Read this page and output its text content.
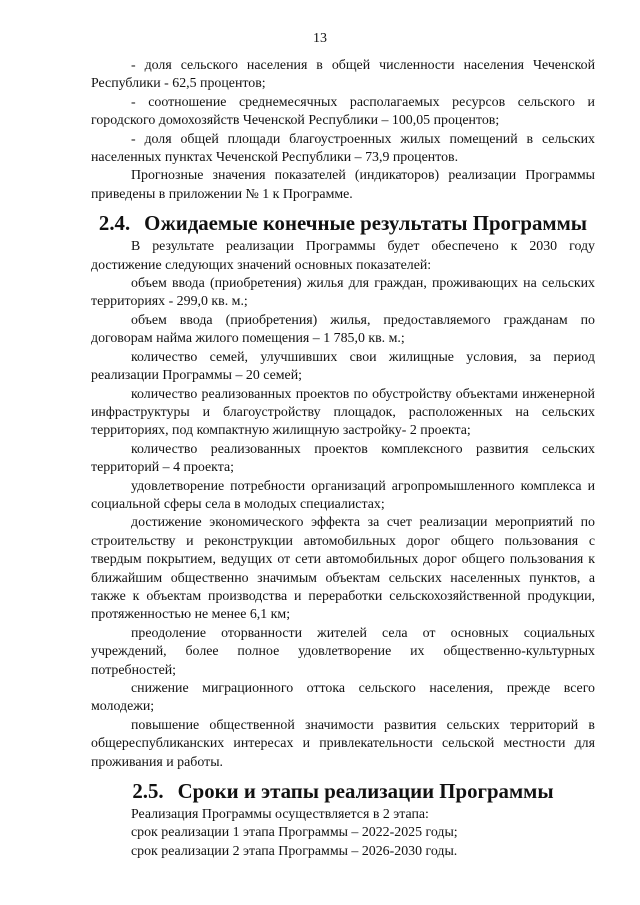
13

- доля сельского населения в общей численности населения Чеченской Республики - 62,5 процентов;

- соотношение среднемесячных располагаемых ресурсов сельского и городского домохозяйств Чеченской Республики – 100,05 процентов;

- доля общей площади благоустроенных жилых помещений в сельских населенных пунктах Чеченской Республики – 73,9 процентов.

Прогнозные значения показателей (индикаторов) реализации Программы приведены в приложении № 1 к Программе.

2.4. Ожидаемые конечные результаты Программы

В результате реализации Программы будет обеспечено к 2030 году достижение следующих значений основных показателей:

объем ввода (приобретения) жилья для граждан, проживающих на сельских территориях - 299,0 кв. м.;

объем ввода (приобретения) жилья, предоставляемого гражданам по договорам найма жилого помещения – 1 785,0 кв. м.;

количество семей, улучшивших свои жилищные условия, за период реализации Программы – 20 семей;

количество реализованных проектов по обустройству объектами инженерной инфраструктуры и благоустройству площадок, расположенных на сельских территориях, под компактную жилищную застройку- 2 проекта;

количество реализованных проектов комплексного развития сельских территорий – 4 проекта;

удовлетворение потребности организаций агропромышленного комплекса и социальной сферы села в молодых специалистах;

достижение экономического эффекта за счет реализации мероприятий по строительству и реконструкции автомобильных дорог общего пользования с твердым покрытием, ведущих от сети автомобильных дорог общего пользования к ближайшим общественно значимым объектам сельских населенных пунктов, а также к объектам производства и переработки сельскохозяйственной продукции, протяженностью не менее 6,1 км;

преодоление оторванности жителей села от основных социальных учреждений, более полное удовлетворение их общественно-культурных потребностей;

снижение миграционного оттока сельского населения, прежде всего молодежи;

повышение общественной значимости развития сельских территорий в общереспубликанских интересах и привлекательности сельской местности для проживания и работы.

2.5. Сроки и этапы реализации Программы

Реализация Программы осуществляется в 2 этапа:

срок реализации 1 этапа Программы – 2022-2025 годы;

срок реализации 2 этапа Программы – 2026-2030 годы.
